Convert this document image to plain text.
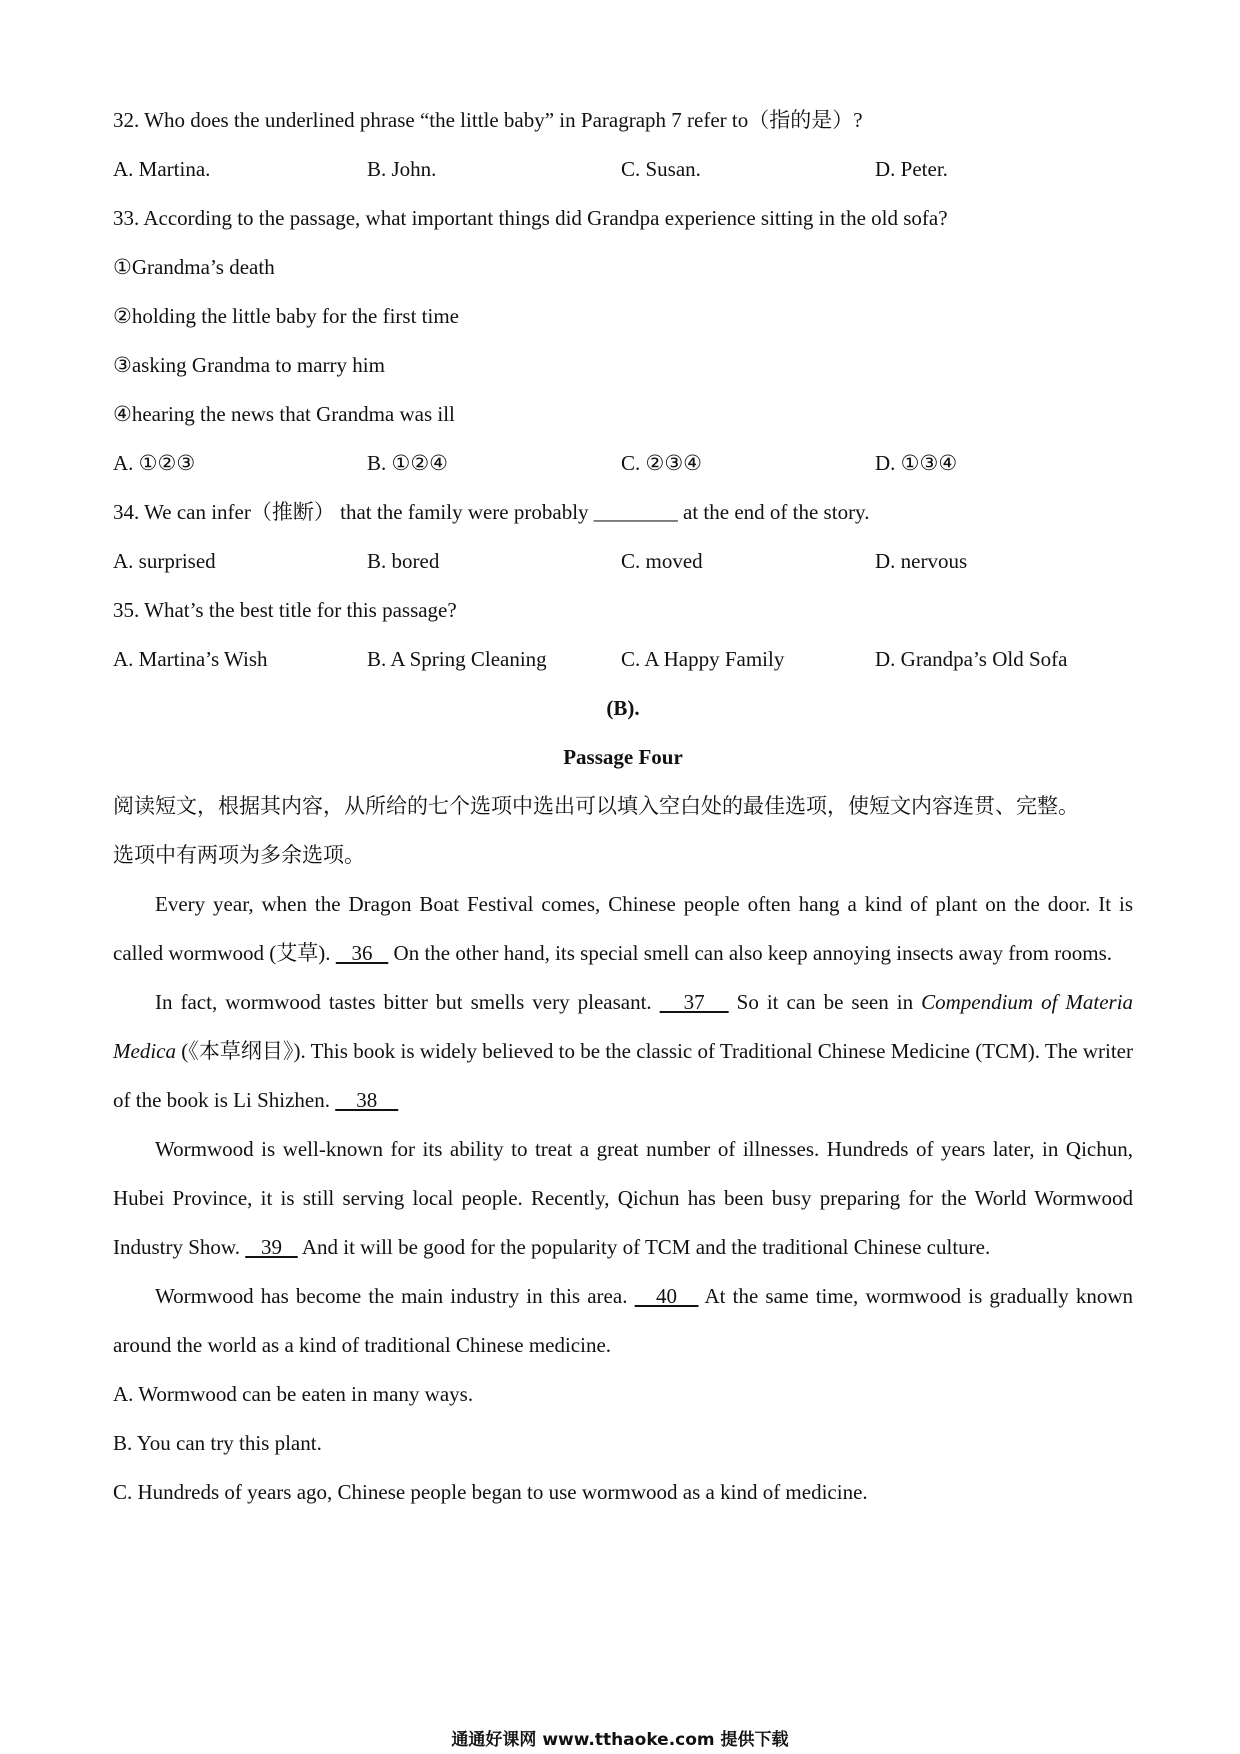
32. Who does the underlined phrase “the little baby” in Paragraph 7 refer to（指的是）?
A. Martina.	B. John.	C. Susan.	D. Peter.
33. According to the passage, what important things did Grandpa experience sitting in the old sofa?
①Grandma’s death
②holding the little baby for the first time
③asking Grandma to marry him
④hearing the news that Grandma was ill
A. ①②③	B. ①②④	C. ②③④	D. ①③④
34. We can infer（推断） that the family were probably ________ at the end of the story.
A. surprised	B. bored	C. moved	D. nervous
35. What’s the best title for this passage?
A. Martina’s Wish	B. A Spring Cleaning	C. A Happy Family	D. Grandpa’s Old Sofa
(B).
Passage Four
阅读短文，根据其内容，从所给的七个选项中选出可以填入空白处的最佳选项，使短文内容连贯、完整。
选项中有两项为多余选项。
Every year, when the Dragon Boat Festival comes, Chinese people often hang a kind of plant on the door. It is called wormwood (艾草).    36    On the other hand, its special smell can also keep annoying insects away from rooms.
In fact, wormwood tastes bitter but smells very pleasant.    37    So it can be seen in Compendium of Materia Medica (《本草纲目》). This book is widely believed to be the classic of Traditional Chinese Medicine (TCM). The writer of the book is Li Shizhen.     38
Wormwood is well-known for its ability to treat a great number of illnesses. Hundreds of years later, in Qichun, Hubei Province, it is still serving local people. Recently, Qichun has been busy preparing for the World Wormwood Industry Show.    39    And it will be good for the popularity of TCM and the traditional Chinese culture.
Wormwood has become the main industry in this area.    40    At the same time, wormwood is gradually known around the world as a kind of traditional Chinese medicine.
A. Wormwood can be eaten in many ways.
B. You can try this plant.
C. Hundreds of years ago, Chinese people began to use wormwood as a kind of medicine.
通通好课网 www.tthaoke.com 提供下载
